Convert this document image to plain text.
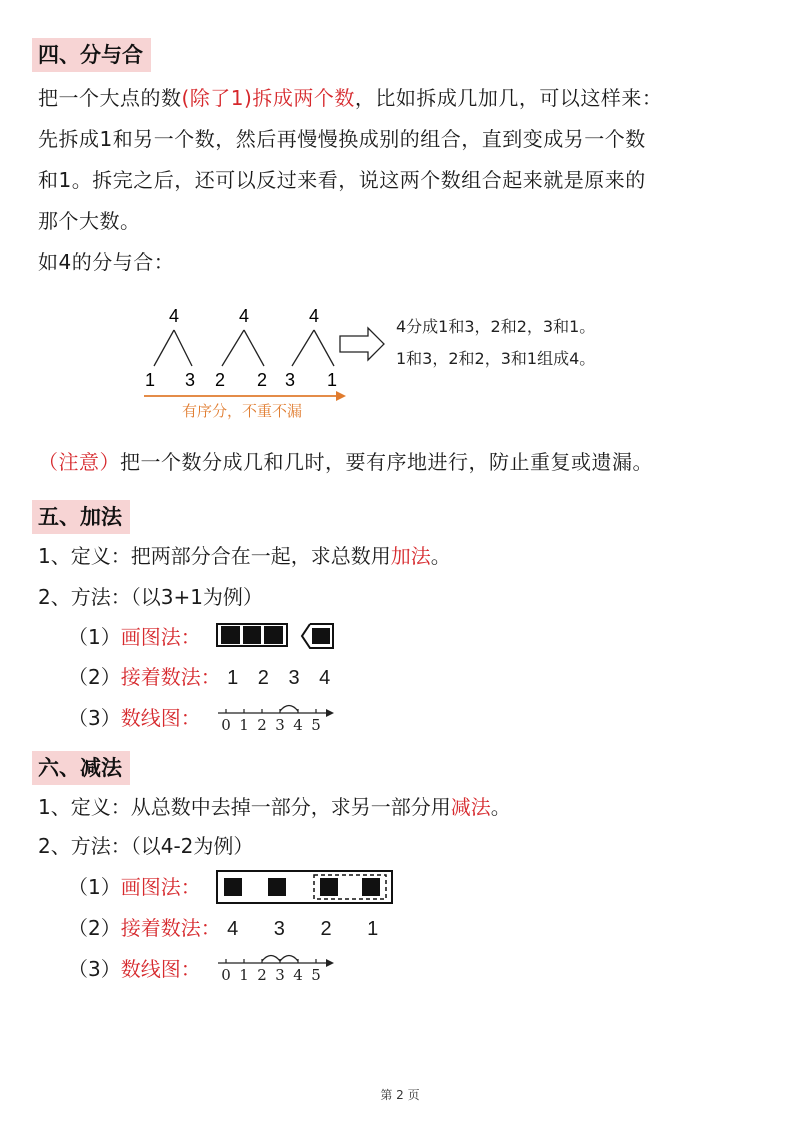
四、分与合
把一个大点的数(除了1)拆成两个数，比如拆成几加几，可以这样来：
先拆成1和另一个数，然后再慢慢换成别的组合，直到变成另一个数
和1。拆完之后，还可以反过来看，说这两个数组合起来就是原来的
那个大数。
如4的分与合：
4
1 3
4
2 2
4
3 1
有序分，不重不漏
4分成1和3，2和2，3和1。
1和3，2和2，3和1组成4。
（注意）把一个数分成几和几时，要有序地进行，防止重复或遗漏。
五、加法
1、定义：把两部分合在一起，求总数用加法。
2、方法：（以3+1为例）
（1）画图法：
（2）接着数法： 1 2 3 4
（3）数线图： 0 1 2 3 4 5
六、减法
1、定义：从总数中去掉一部分，求另一部分用减法。
2、方法：（以4-2为例）
（1）画图法：
（2）接着数法： 4 3 2 1
（3）数线图： 0 1 2 3 4 5
第 2 页
